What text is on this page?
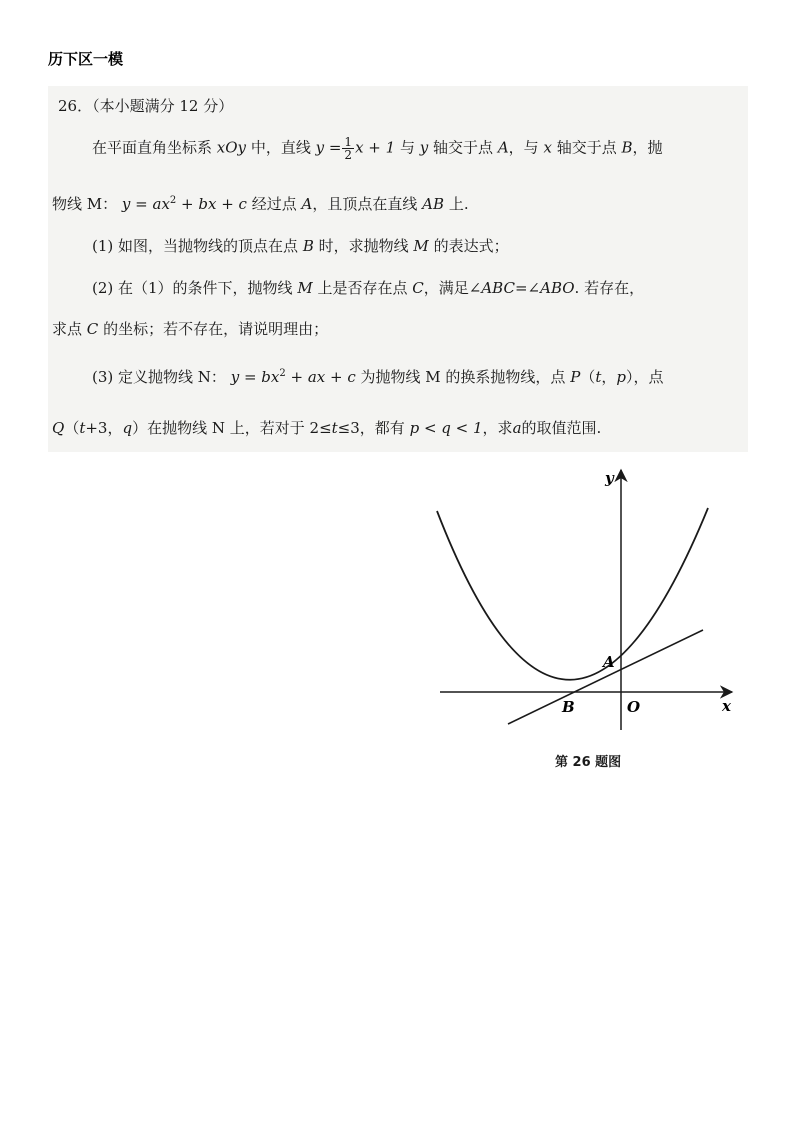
历下区一模
26．（本小题满分 12 分）
在平面直角坐标系 xOy 中，直线 $y = \frac{1}{2}$ x + 1 与 y 轴交于点 A，与 x 轴交于点 B，抛
物线 M： $y = ax^2$ + bx + c 经过点 A，且顶点在直线 AB 上.
(1) 如图，当抛物线的顶点在点 B 时，求抛物线 M 的表达式；
(2) 在（1）的条件下，抛物线 M 上是否存在点 C，满足∠ABC=∠ABO. 若存在，
求点 C 的坐标；若不存在，请说明理由；
(3) 定义抛物线 N： $y = bx^2$ + ax + c 为抛物线 M 的换系抛物线，点 P（t，p），点
Q（t+3，q）在抛物线 N 上，若对于 2≤t≤3，都有 p < q < 1，求a的取值范围.
y
x
A
B	O
第 26 题图
